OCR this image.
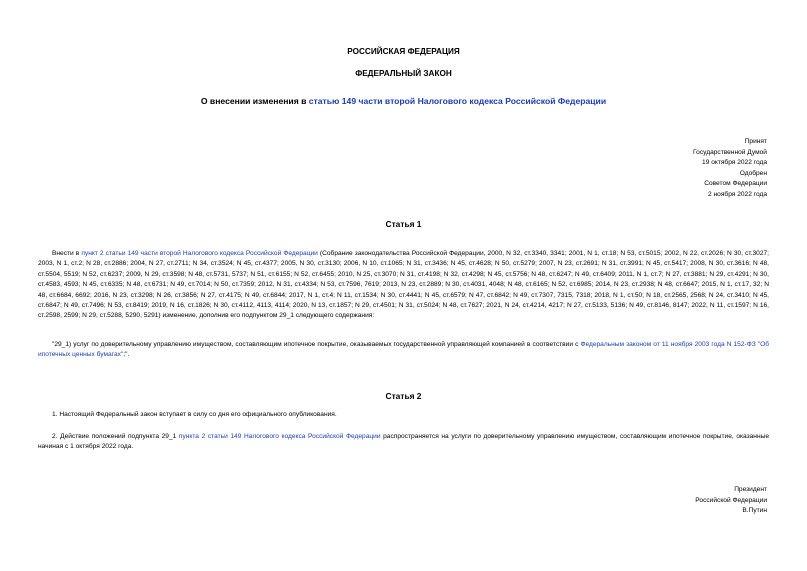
РОССИЙСКАЯ ФЕДЕРАЦИЯ
ФЕДЕРАЛЬНЫЙ ЗАКОН
О внесении изменения в статью 149 части второй Налогового кодекса Российской Федерации
Принят
Государственной Думой
19 октября 2022 года
Одобрен
Советом Федерации
2 ноября 2022 года
Статья 1
Внести в пункт 2 статьи 149 части второй Налогового кодекса Российской Федерации (Собрание законодательства Российской Федерации, 2000, N 32, ст.3340, 3341; 2001, N 1, ст.18; N 53, ст.5015; 2002, N 22, ст.2026; N 30, ст.3027; 2003, N 1, ст.2; N 28, ст.2886; 2004, N 27, ст.2711; N 34, ст.3524; N 45, ст.4377; 2005, N 30, ст.3130; 2006, N 10, ст.1065; N 31, ст.3436; N 45, ст.4628; N 50, ст.5279; 2007, N 23, ст.2691; N 31, ст.3991; N 45, ст.5417; 2008, N 30, ст.3616; N 48, ст.5504, 5519; N 52, ст.6237; 2009, N 29, ст.3598; N 48, ст.5731, 5737; N 51, ст.6155; N 52, ст.6455; 2010, N 25, ст.3070; N 31, ст.4198; N 32, ст.4298; N 45, ст.5756; N 48, ст.6247; N 49, ст.6409; 2011, N 1, ст.7; N 27, ст.3881; N 29, ст.4291; N 30, ст.4583, 4593; N 45, ст.6335; N 48, ст.6731; N 49, ст.7014; N 50, ст.7359; 2012, N 31, ст.4334; N 53, ст.7596, 7619; 2013, N 23, ст.2889; N 30, ст.4031, 4048; N 48, ст.6165; N 52, ст.6985; 2014, N 23, ст.2938; N 48, ст.6647; 2015, N 1, ст.17, 32; N 48, ст.6684, 6692; 2016, N 23, ст.3298; N 26, ст.3856; N 27, ст.4175; N 49, ст.6844; 2017, N 1, ст.4; N 11, ст.1534; N 30, ст.4441; N 45, ст.6579; N 47, ст.6842; N 49, ст.7307, 7315, 7318; 2018, N 1, ст.50; N 18, ст.2565, 2568; N 24, ст.3410; N 45, ст.6847; N 49, ст.7496; N 53, ст.8419; 2019, N 16, ст.1826; N 30, ст.4112, 4113, 4114; 2020, N 13, ст.1857; N 29, ст.4501; N 31, ст.5024; N 48, ст.7627; 2021, N 24, ст.4214, 4217; N 27, ст.5133, 5136; N 49, ст.8146, 8147; 2022, N 11, ст.1597; N 16, ст.2598, 2599; N 29, ст.5288, 5290, 5291) изменение, дополнив его подпунктом 29_1 следующего содержания:
"29_1) услуг по доверительному управлению имуществом, составляющим ипотечное покрытие, оказываемых государственной управляющей компанией в соответствии с Федеральным законом от 11 ноября 2003 года N 152-ФЗ "Об ипотечных ценных бумагах";".
Статья 2
1. Настоящий Федеральный закон вступает в силу со дня его официального опубликования.
2. Действие положений подпункта 29_1 пункта 2 статьи 149 Налогового кодекса Российской Федерации распространяется на услуги по доверительному управлению имуществом, составляющим ипотечное покрытие, оказанные начиная с 1 октября 2022 года.
Президент
Российской Федерации
В.Путин
